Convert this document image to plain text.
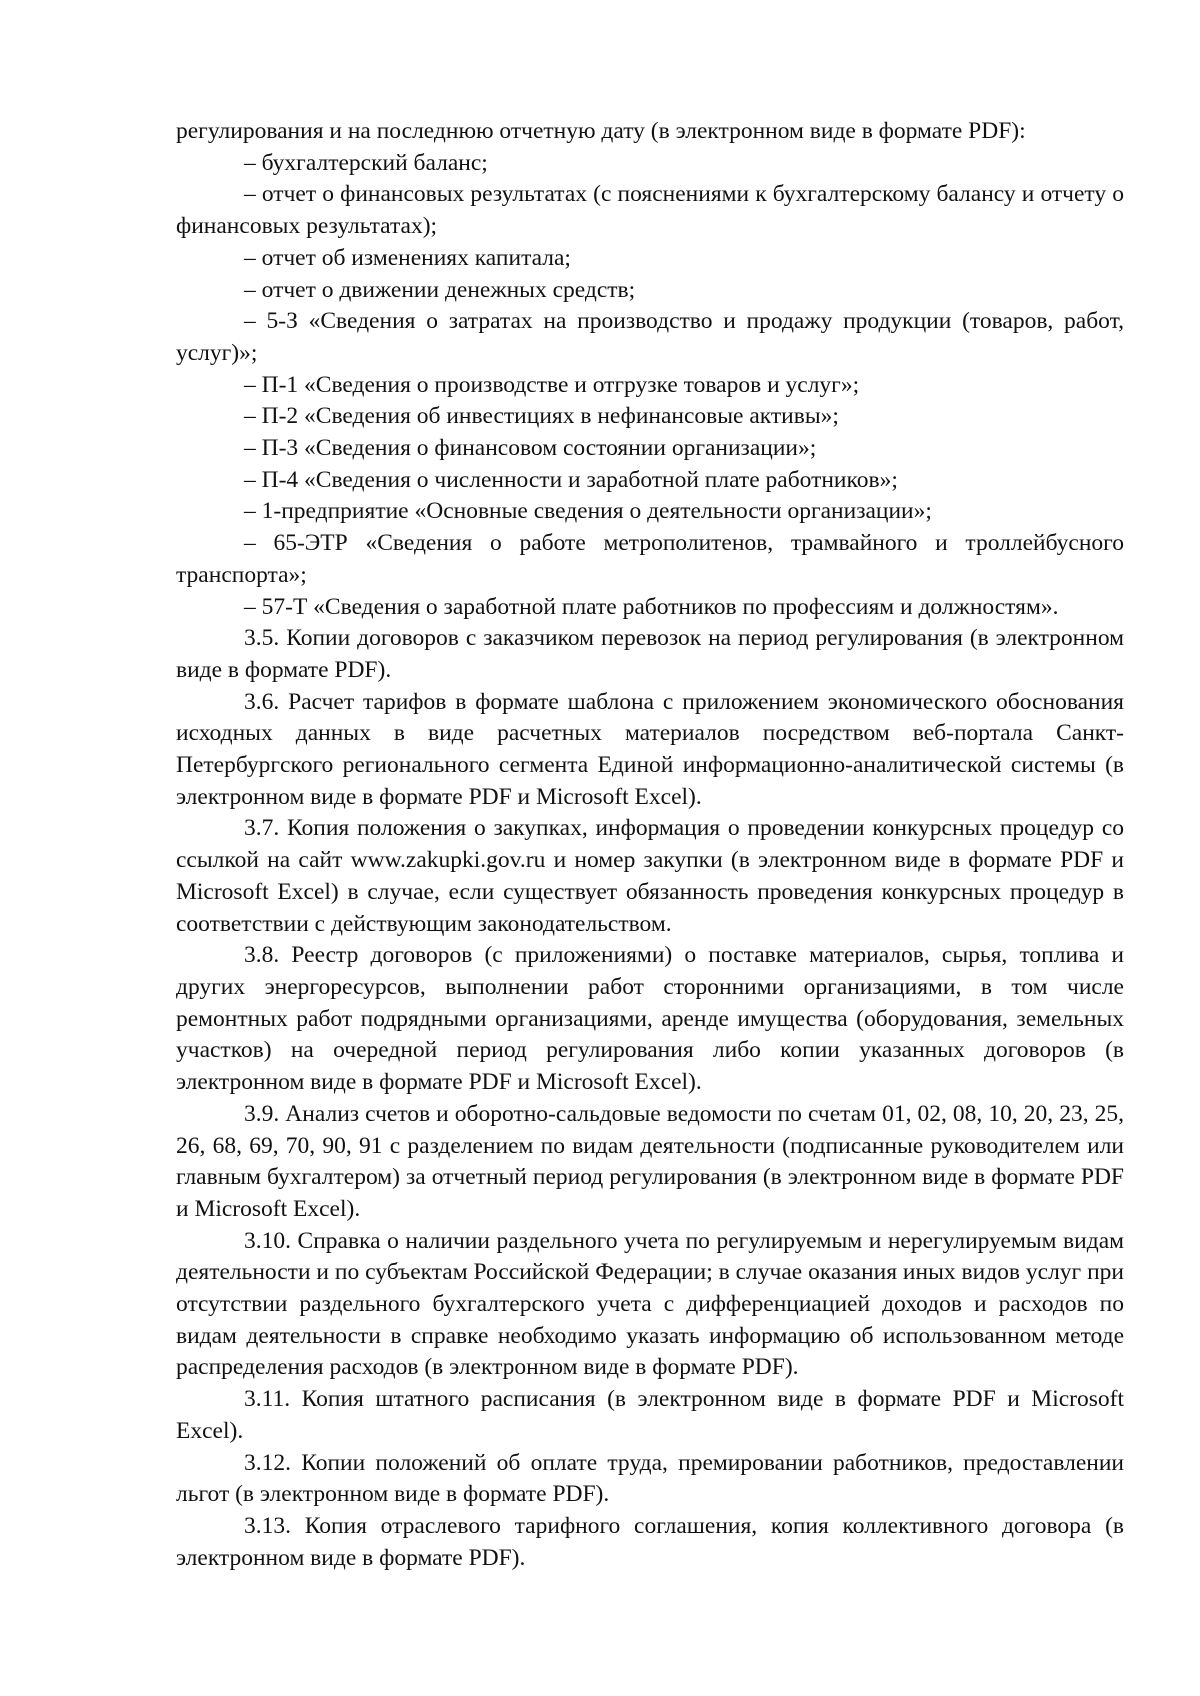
регулирования и на последнюю отчетную дату (в электронном виде в формате PDF):

– бухгалтерский баланс;

– отчет о финансовых результатах (с пояснениями к бухгалтерскому балансу и отчету о финансовых результатах);

– отчет об изменениях капитала;

– отчет о движении денежных средств;

– 5-З «Сведения о затратах на производство и продажу продукции (товаров, работ, услуг)»;

– П-1 «Сведения о производстве и отгрузке товаров и услуг»;

– П-2 «Сведения об инвестициях в нефинансовые активы»;

– П-3 «Сведения о финансовом состоянии организации»;

– П-4 «Сведения о численности и заработной плате работников»;

– 1-предприятие «Основные сведения о деятельности организации»;

– 65-ЭТР «Сведения о работе метрополитенов, трамвайного и троллейбусного транспорта»;

– 57-Т «Сведения о заработной плате работников по профессиям и должностям».

3.5. Копии договоров с заказчиком перевозок на период регулирования (в электронном виде в формате PDF).

3.6. Расчет тарифов в формате шаблона с приложением экономического обоснования исходных данных в виде расчетных материалов посредством веб-портала Санкт-Петербургского регионального сегмента Единой информационно-аналитической системы (в электронном виде в формате PDF и Microsoft Excel).

3.7. Копия положения о закупках, информация о проведении конкурсных процедур со ссылкой на сайт www.zakupki.gov.ru и номер закупки (в электронном виде в формате PDF и Microsoft Excel) в случае, если существует обязанность проведения конкурсных процедур в соответствии с действующим законодательством.

3.8. Реестр договоров (с приложениями) о поставке материалов, сырья, топлива и других энергоресурсов, выполнении работ сторонними организациями, в том числе ремонтных работ подрядными организациями, аренде имущества (оборудования, земельных участков) на очередной период регулирования либо копии указанных договоров (в электронном виде в формате PDF и Microsoft Excel).

3.9. Анализ счетов и оборотно-сальдовые ведомости по счетам 01, 02, 08, 10, 20, 23, 25, 26, 68, 69, 70, 90, 91 с разделением по видам деятельности (подписанные руководителем или главным бухгалтером) за отчетный период регулирования (в электронном виде в формате PDF и Microsoft Excel).

3.10. Справка о наличии раздельного учета по регулируемым и нерегулируемым видам деятельности и по субъектам Российской Федерации; в случае оказания иных видов услуг при отсутствии раздельного бухгалтерского учета с дифференциацией доходов и расходов по видам деятельности в справке необходимо указать информацию об использованном методе распределения расходов (в электронном виде в формате PDF).

3.11. Копия штатного расписания (в электронном виде в формате PDF и Microsoft Excel).

3.12. Копии положений об оплате труда, премировании работников, предоставлении льгот (в электронном виде в формате PDF).

3.13. Копия отраслевого тарифного соглашения, копия коллективного договора (в электронном виде в формате PDF).
